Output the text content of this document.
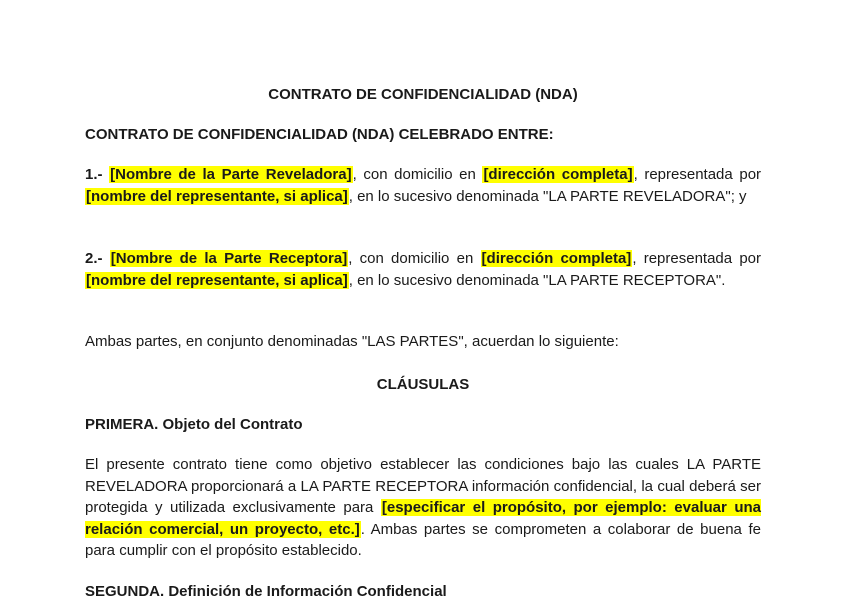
CONTRATO DE CONFIDENCIALIDAD (NDA)

CONTRATO DE CONFIDENCIALIDAD (NDA) CELEBRADO ENTRE:

1.- [Nombre de la Parte Reveladora], con domicilio en [dirección completa], representada por [nombre del representante, si aplica], en lo sucesivo denominada "LA PARTE REVELADORA"; y

2.- [Nombre de la Parte Receptora], con domicilio en [dirección completa], representada por [nombre del representante, si aplica], en lo sucesivo denominada "LA PARTE RECEPTORA".

Ambas partes, en conjunto denominadas "LAS PARTES", acuerdan lo siguiente:

CLÁUSULAS

PRIMERA. Objeto del Contrato

El presente contrato tiene como objetivo establecer las condiciones bajo las cuales LA PARTE REVELADORA proporcionará a LA PARTE RECEPTORA información confidencial, la cual deberá ser protegida y utilizada exclusivamente para [especificar el propósito, por ejemplo: evaluar una relación comercial, un proyecto, etc.]. Ambas partes se comprometen a colaborar de buena fe para cumplir con el propósito establecido.

SEGUNDA. Definición de Información Confidencial
